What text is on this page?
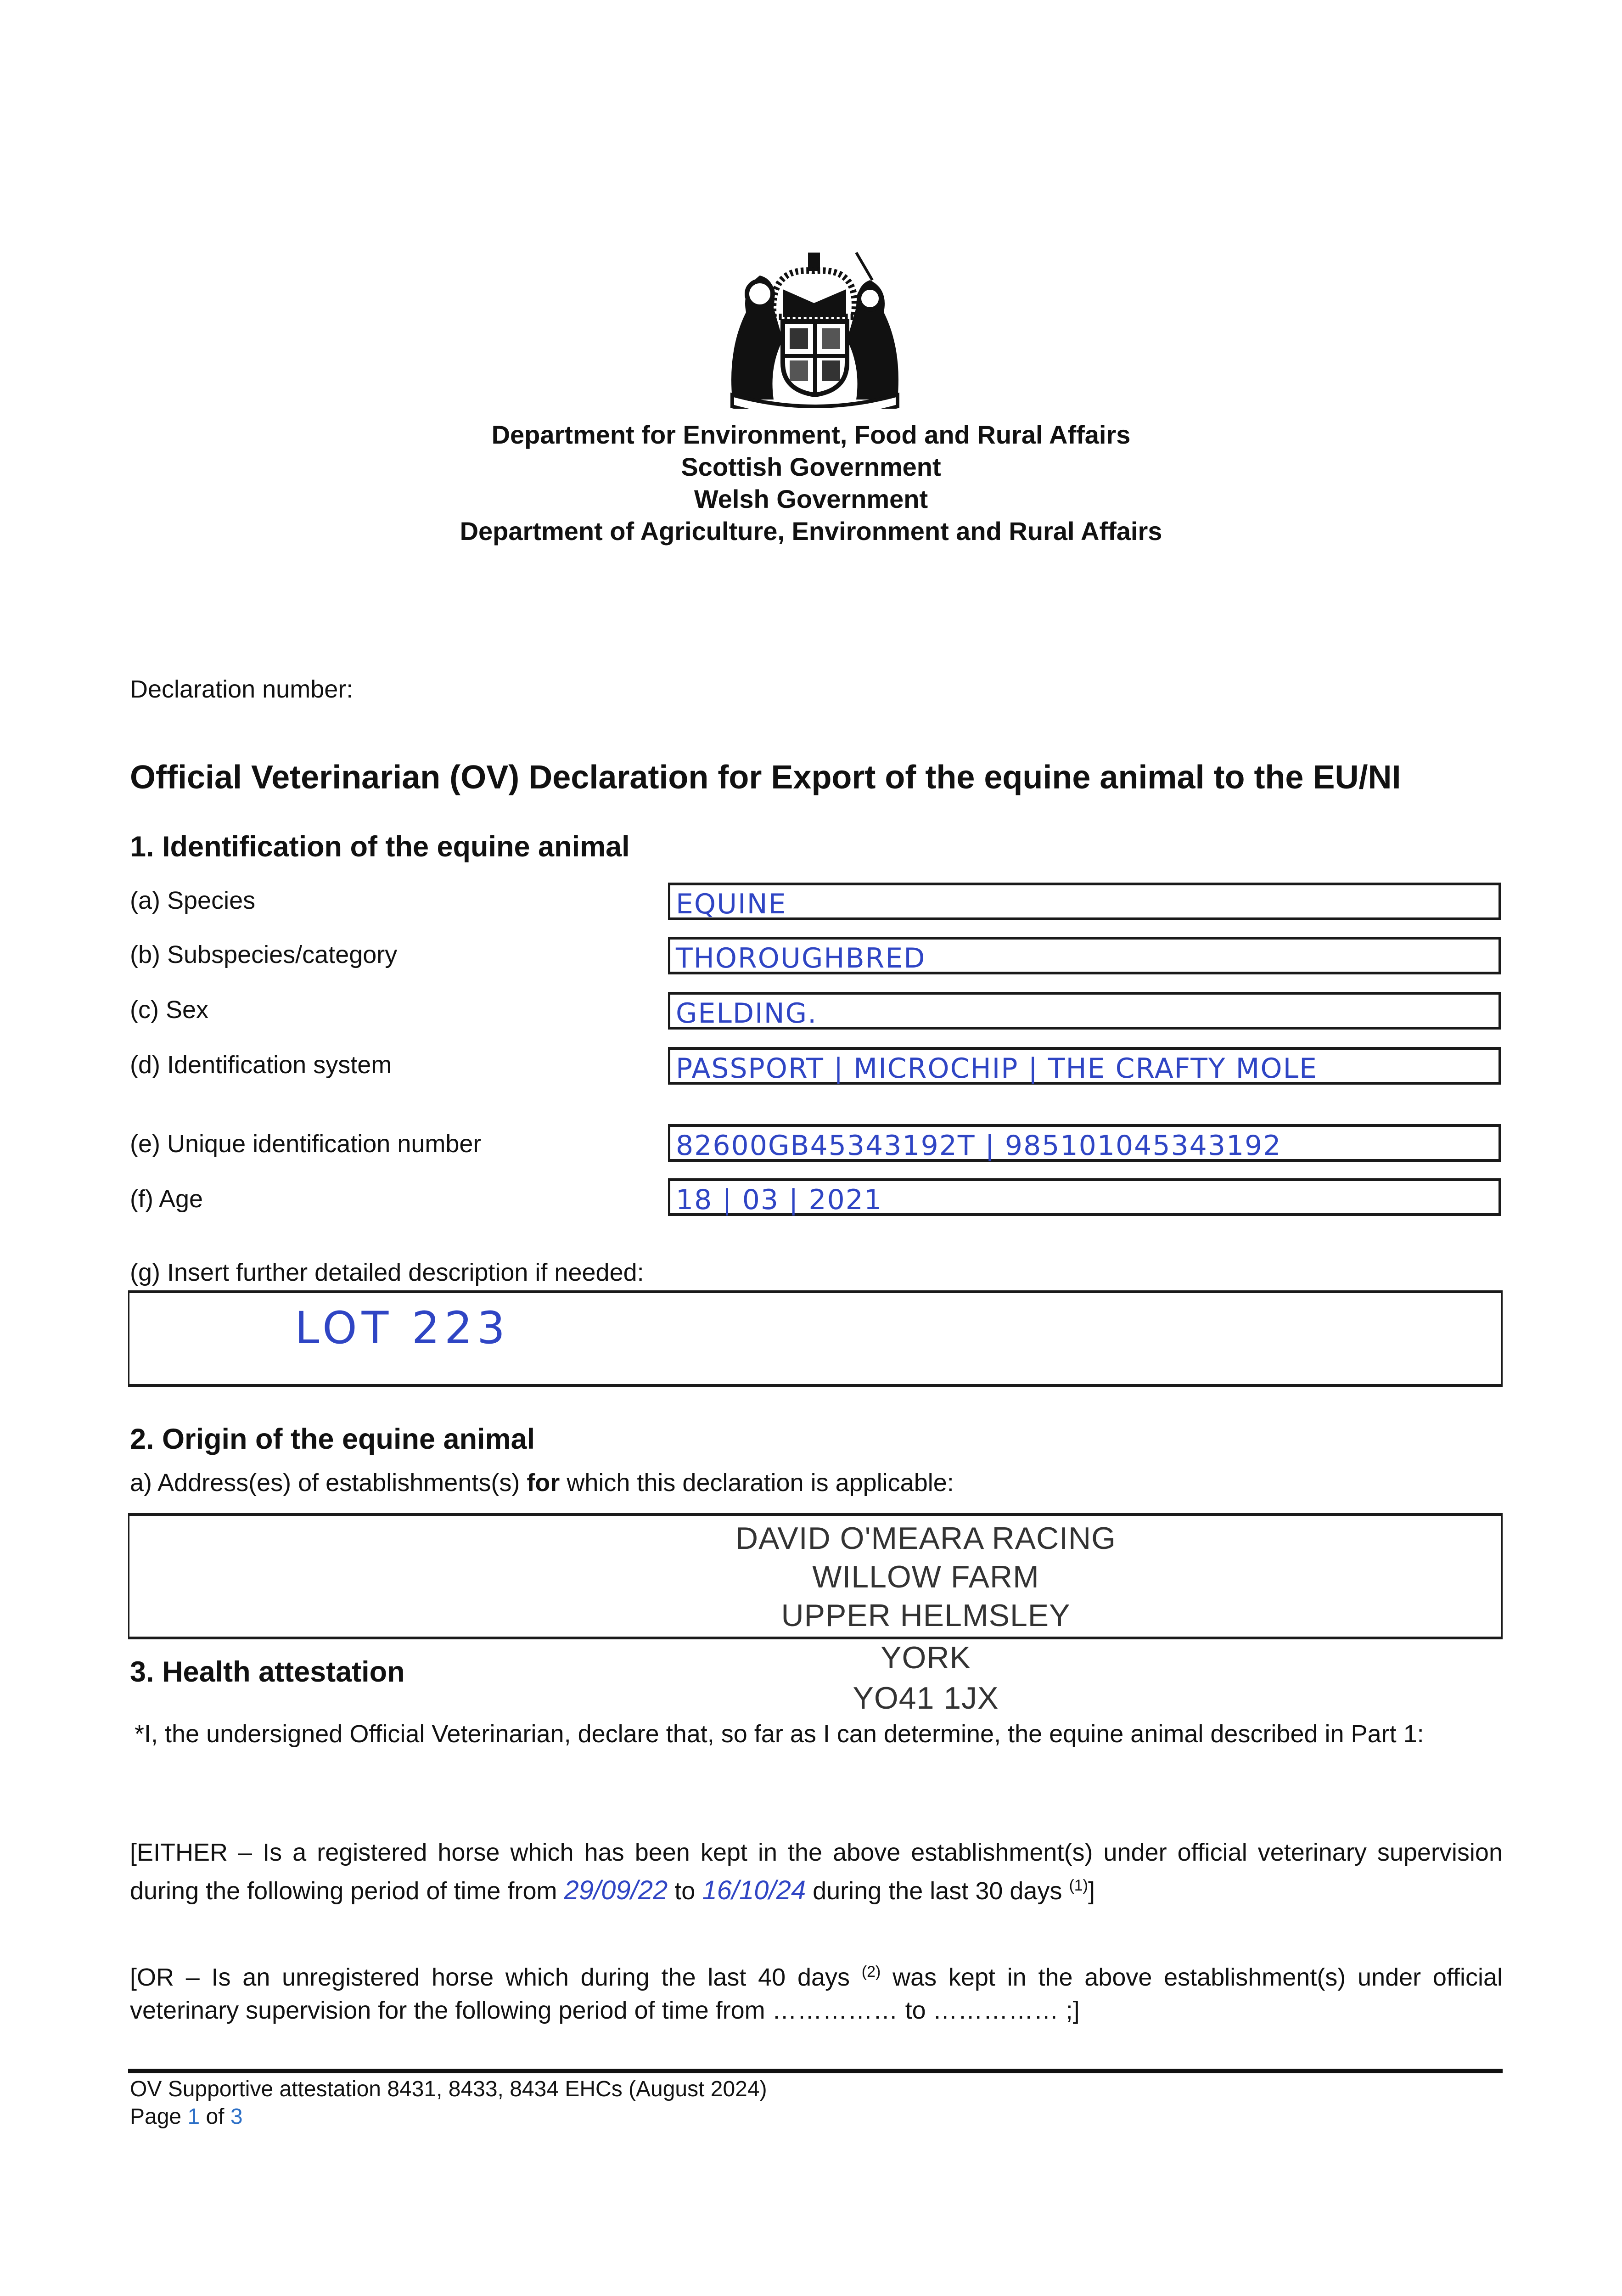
Department for Environment, Food and Rural Affairs
Scottish Government
Welsh Government
Department of Agriculture, Environment and Rural Affairs
Declaration number:
Official Veterinarian (OV) Declaration for Export of the equine animal to the EU/NI
1. Identification of the equine animal
(a) Species	EQUINE
(b) Subspecies/category	THOROUGHBRED
(c) Sex	GELDING.
(d) Identification system	PASSPORT | MICROCHIP | THE CRAFTY MOLE
(e) Unique identification number	82600GB45343192T | 985101045343192
(f) Age	18 | 03 | 2021
(g) Insert further detailed description if needed:
LOT 223
2. Origin of the equine animal
a) Address(es) of establishments(s) for which this declaration is applicable:
DAVID O'MEARA RACING
WILLOW FARM
UPPER HELMSLEY
YORK
YO41 1JX
3. Health attestation
*I, the undersigned Official Veterinarian, declare that, so far as I can determine, the equine animal described in Part 1:
[EITHER – Is a registered horse which has been kept in the above establishment(s) under official veterinary supervision during the following period of time from 29/09/22 to 16/10/24 during the last 30 days $^{(1)}$]
[OR – Is an unregistered horse which during the last 40 days $^{(2)}$ was kept in the above establishment(s) under official veterinary supervision for the following period of time from …………… to …………… ;]
OV Supportive attestation 8431, 8433, 8434 EHCs (August 2024)
Page 1 of 3
